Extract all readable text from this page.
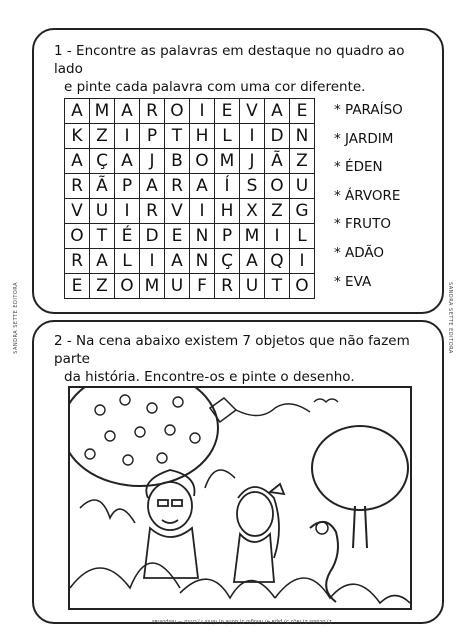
SANDRA SETTE EDITORA	SANDRA SETTE EDITORA
1 - Encontre as palavras em destaque no quadro ao lado
e pinte cada palavra com uma cor diferente.
A	M	A	R	O	I	E	V	A	E
K	Z	I	P	T	H	L	I	D	N
A	Ç	A	J	B	O	M	J	Ã	Z
R	Ã	P	A	R	A	Í	S	O	U
V	U	I	R	V	I	H	X	Z	G
O	T	É	D	E	N	P	M	I	L
R	A	L	I	A	N	Ç	A	Q	I
E	Z	O	M	U	F	R	U	T	O
* PARAÍSO
* JARDIM
* ÉDEN
* ÁRVORE
* FRUTO
* ADÃO
* EVA
2 - Na cena abaixo existem 7 objetos que não fazem parte
da história. Encontre-os e pinte o desenho.
1) óculos 2) laço 3) pipa 4) relógio 5) boné 6) tênis 7) cinto — respostas
